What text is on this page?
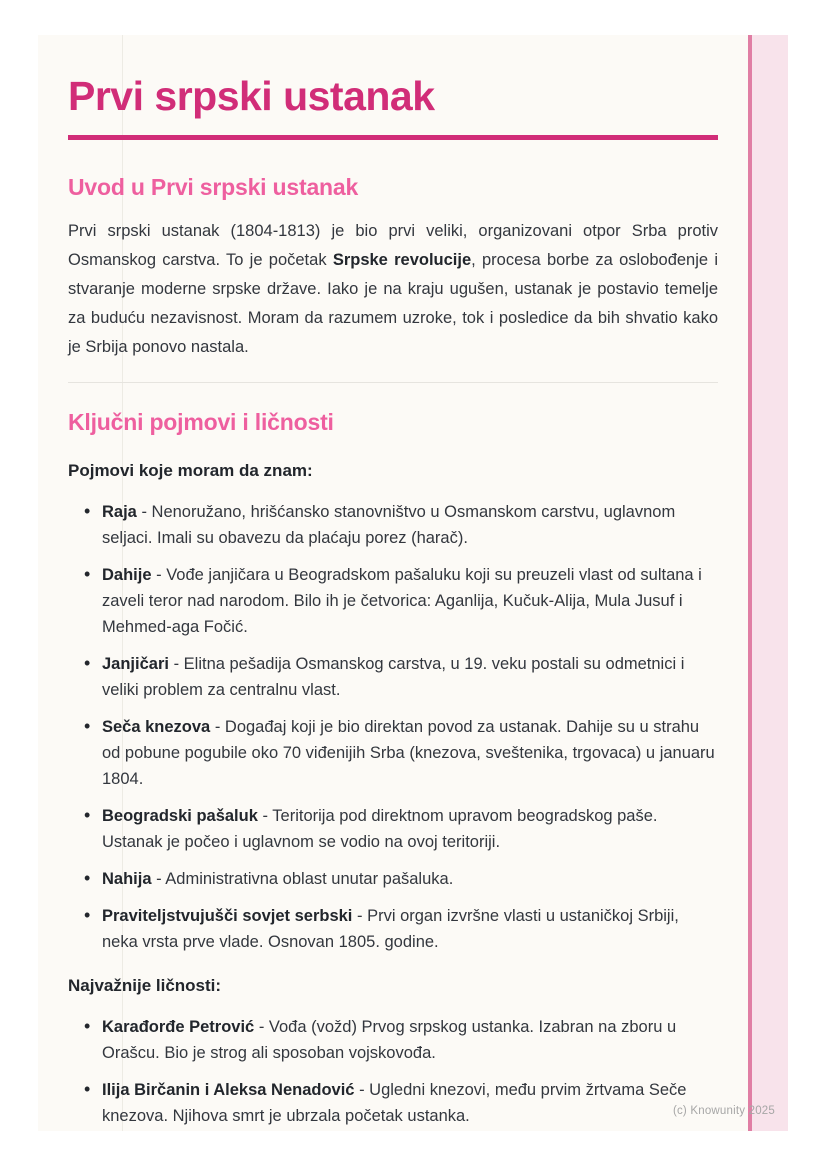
Prvi srpski ustanak
Uvod u Prvi srpski ustanak

Prvi srpski ustanak (1804-1813) je bio prvi veliki, organizovani otpor Srba protiv Osmanskog carstva. To je početak Srpske revolucije, procesa borbe za oslobođenje i stvaranje moderne srpske države. Iako je na kraju ugušen, ustanak je postavio temelje za buduću nezavisnost. Moram da razumem uzroke, tok i posledice da bih shvatio kako je Srbija ponovo nastala.

Ključni pojmovi i ličnosti
Pojmovi koje moram da znam:
• Raja - Nenoružano, hrišćansko stanovništvo u Osmanskom carstvu, uglavnom seljaci. Imali su obavezu da plaćaju porez (harač).
• Dahije - Vođe janjičara u Beogradskom pašaluku koji su preuzeli vlast od sultana i zaveli teror nad narodom. Bilo ih je četvorica: Aganlija, Kučuk-Alija, Mula Jusuf i Mehmed-aga Fočić.
• Janjičari - Elitna pešadija Osmanskog carstva, u 19. veku postali su odmetnici i veliki problem za centralnu vlast.
• Seča knezova - Događaj koji je bio direktan povod za ustanak. Dahije su u strahu od pobune pogubile oko 70 viđenijih Srba (knezova, sveštenika, trgovaca) u januaru 1804.
• Beogradski pašaluk - Teritorija pod direktnom upravom beogradskog paše. Ustanak je počeo i uglavnom se vodio na ovoj teritoriji.
• Nahija - Administrativna oblast unutar pašaluka.
• Praviteljstvujušči sovjet serbski - Prvi organ izvršne vlasti u ustaničkoj Srbiji, neka vrsta prve vlade. Osnovan 1805. godine.
Najvažnije ličnosti:
• Karađorđe Petrović - Vođa (vožd) Prvog srpskog ustanka. Izabran na zboru u Orašcu. Bio je strog ali sposoban vojskovođa.
• Ilija Birčanin i Aleksa Nenadović - Ugledni knezovi, među prvim žrtvama Seče knezova. Njihova smrt je ubrzala početak ustanka.	(c) Knowunity 2025
